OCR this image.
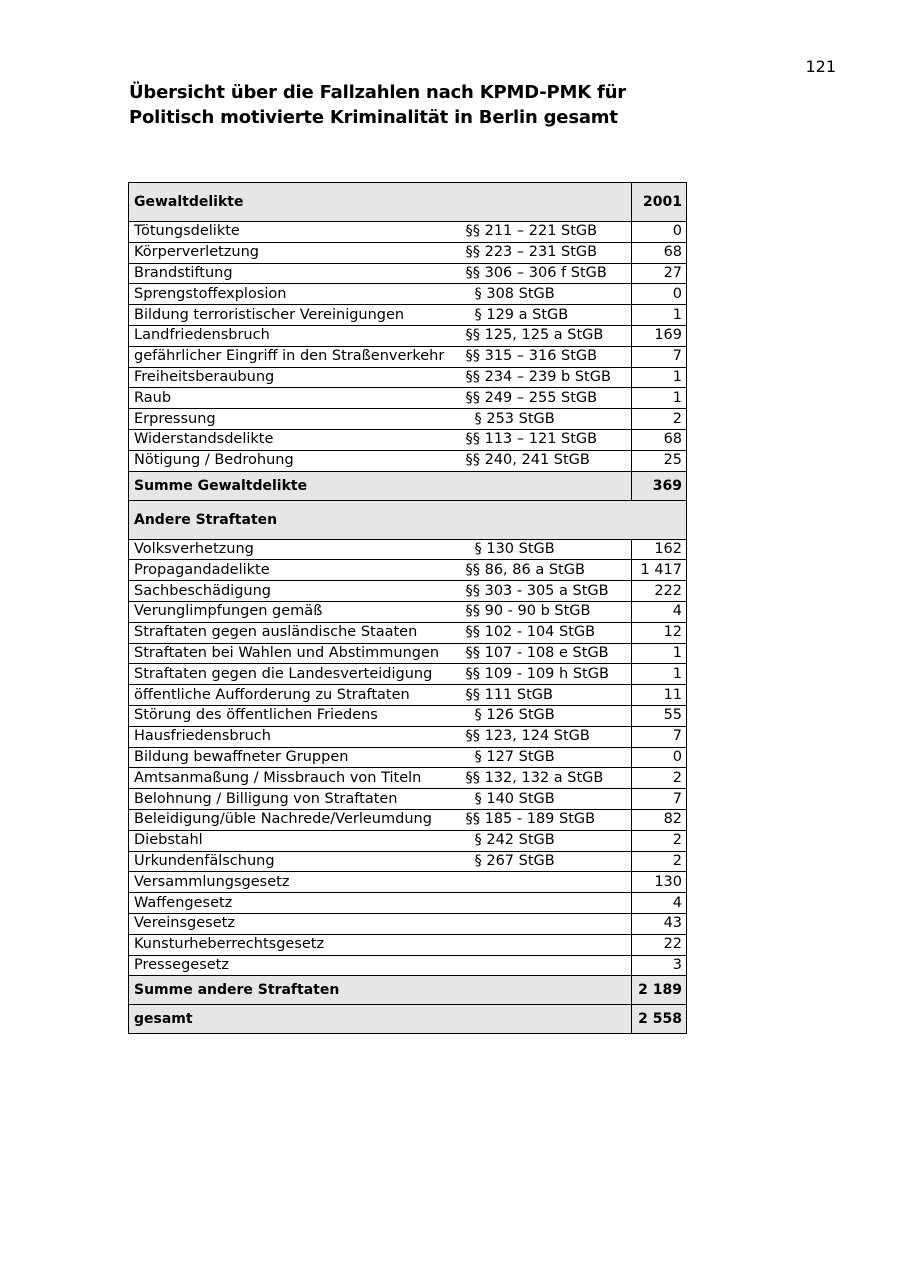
121
Übersicht über die Fallzahlen nach KPMD-PMK für
Politisch motivierte Kriminalität in Berlin gesamt
Gewaltdelikte		2001
Tötungsdelikte	§§ 211 – 221 StGB	0
Körperverletzung	§§ 223 – 231 StGB	68
Brandstiftung	§§ 306 – 306 f StGB	27
Sprengstoffexplosion	§ 308 StGB	0
Bildung terroristischer Vereinigungen	§ 129 a StGB	1
Landfriedensbruch	§§ 125, 125 a StGB	169
gefährlicher Eingriff in den Straßenverkehr	§§ 315 – 316 StGB	7
Freiheitsberaubung	§§ 234 – 239 b StGB	1
Raub	§§ 249 – 255 StGB	1
Erpressung	§ 253 StGB	2
Widerstandsdelikte	§§ 113 – 121 StGB	68
Nötigung / Bedrohung	§§ 240, 241 StGB	25
Summe Gewaltdelikte		369
Andere Straftaten		
Volksverhetzung	§ 130 StGB	162
Propagandadelikte	§§ 86, 86 a StGB	1 417
Sachbeschädigung	§§ 303 - 305 a StGB	222
Verunglimpfungen gemäß	§§ 90 - 90 b StGB	4
Straftaten gegen ausländische Staaten	§§ 102 - 104 StGB	12
Straftaten bei Wahlen und Abstimmungen	§§ 107 - 108 e StGB	1
Straftaten gegen die Landesverteidigung	§§ 109 - 109 h StGB	1
öffentliche Aufforderung zu Straftaten	§§ 111 StGB	11
Störung des öffentlichen Friedens	§ 126 StGB	55
Hausfriedensbruch	§§ 123, 124 StGB	7
Bildung bewaffneter Gruppen	§ 127 StGB	0
Amtsanmaßung / Missbrauch von Titeln	§§ 132, 132 a StGB	2
Belohnung / Billigung von Straftaten	§ 140 StGB	7
Beleidigung/üble Nachrede/Verleumdung	§§ 185 - 189 StGB	82
Diebstahl	§ 242 StGB	2
Urkundenfälschung	§ 267 StGB	2
Versammlungsgesetz		130
Waffengesetz		4
Vereinsgesetz		43
Kunsturheberrechtsgesetz		22
Pressegesetz		3
Summe andere Straftaten		2 189
gesamt		2 558
